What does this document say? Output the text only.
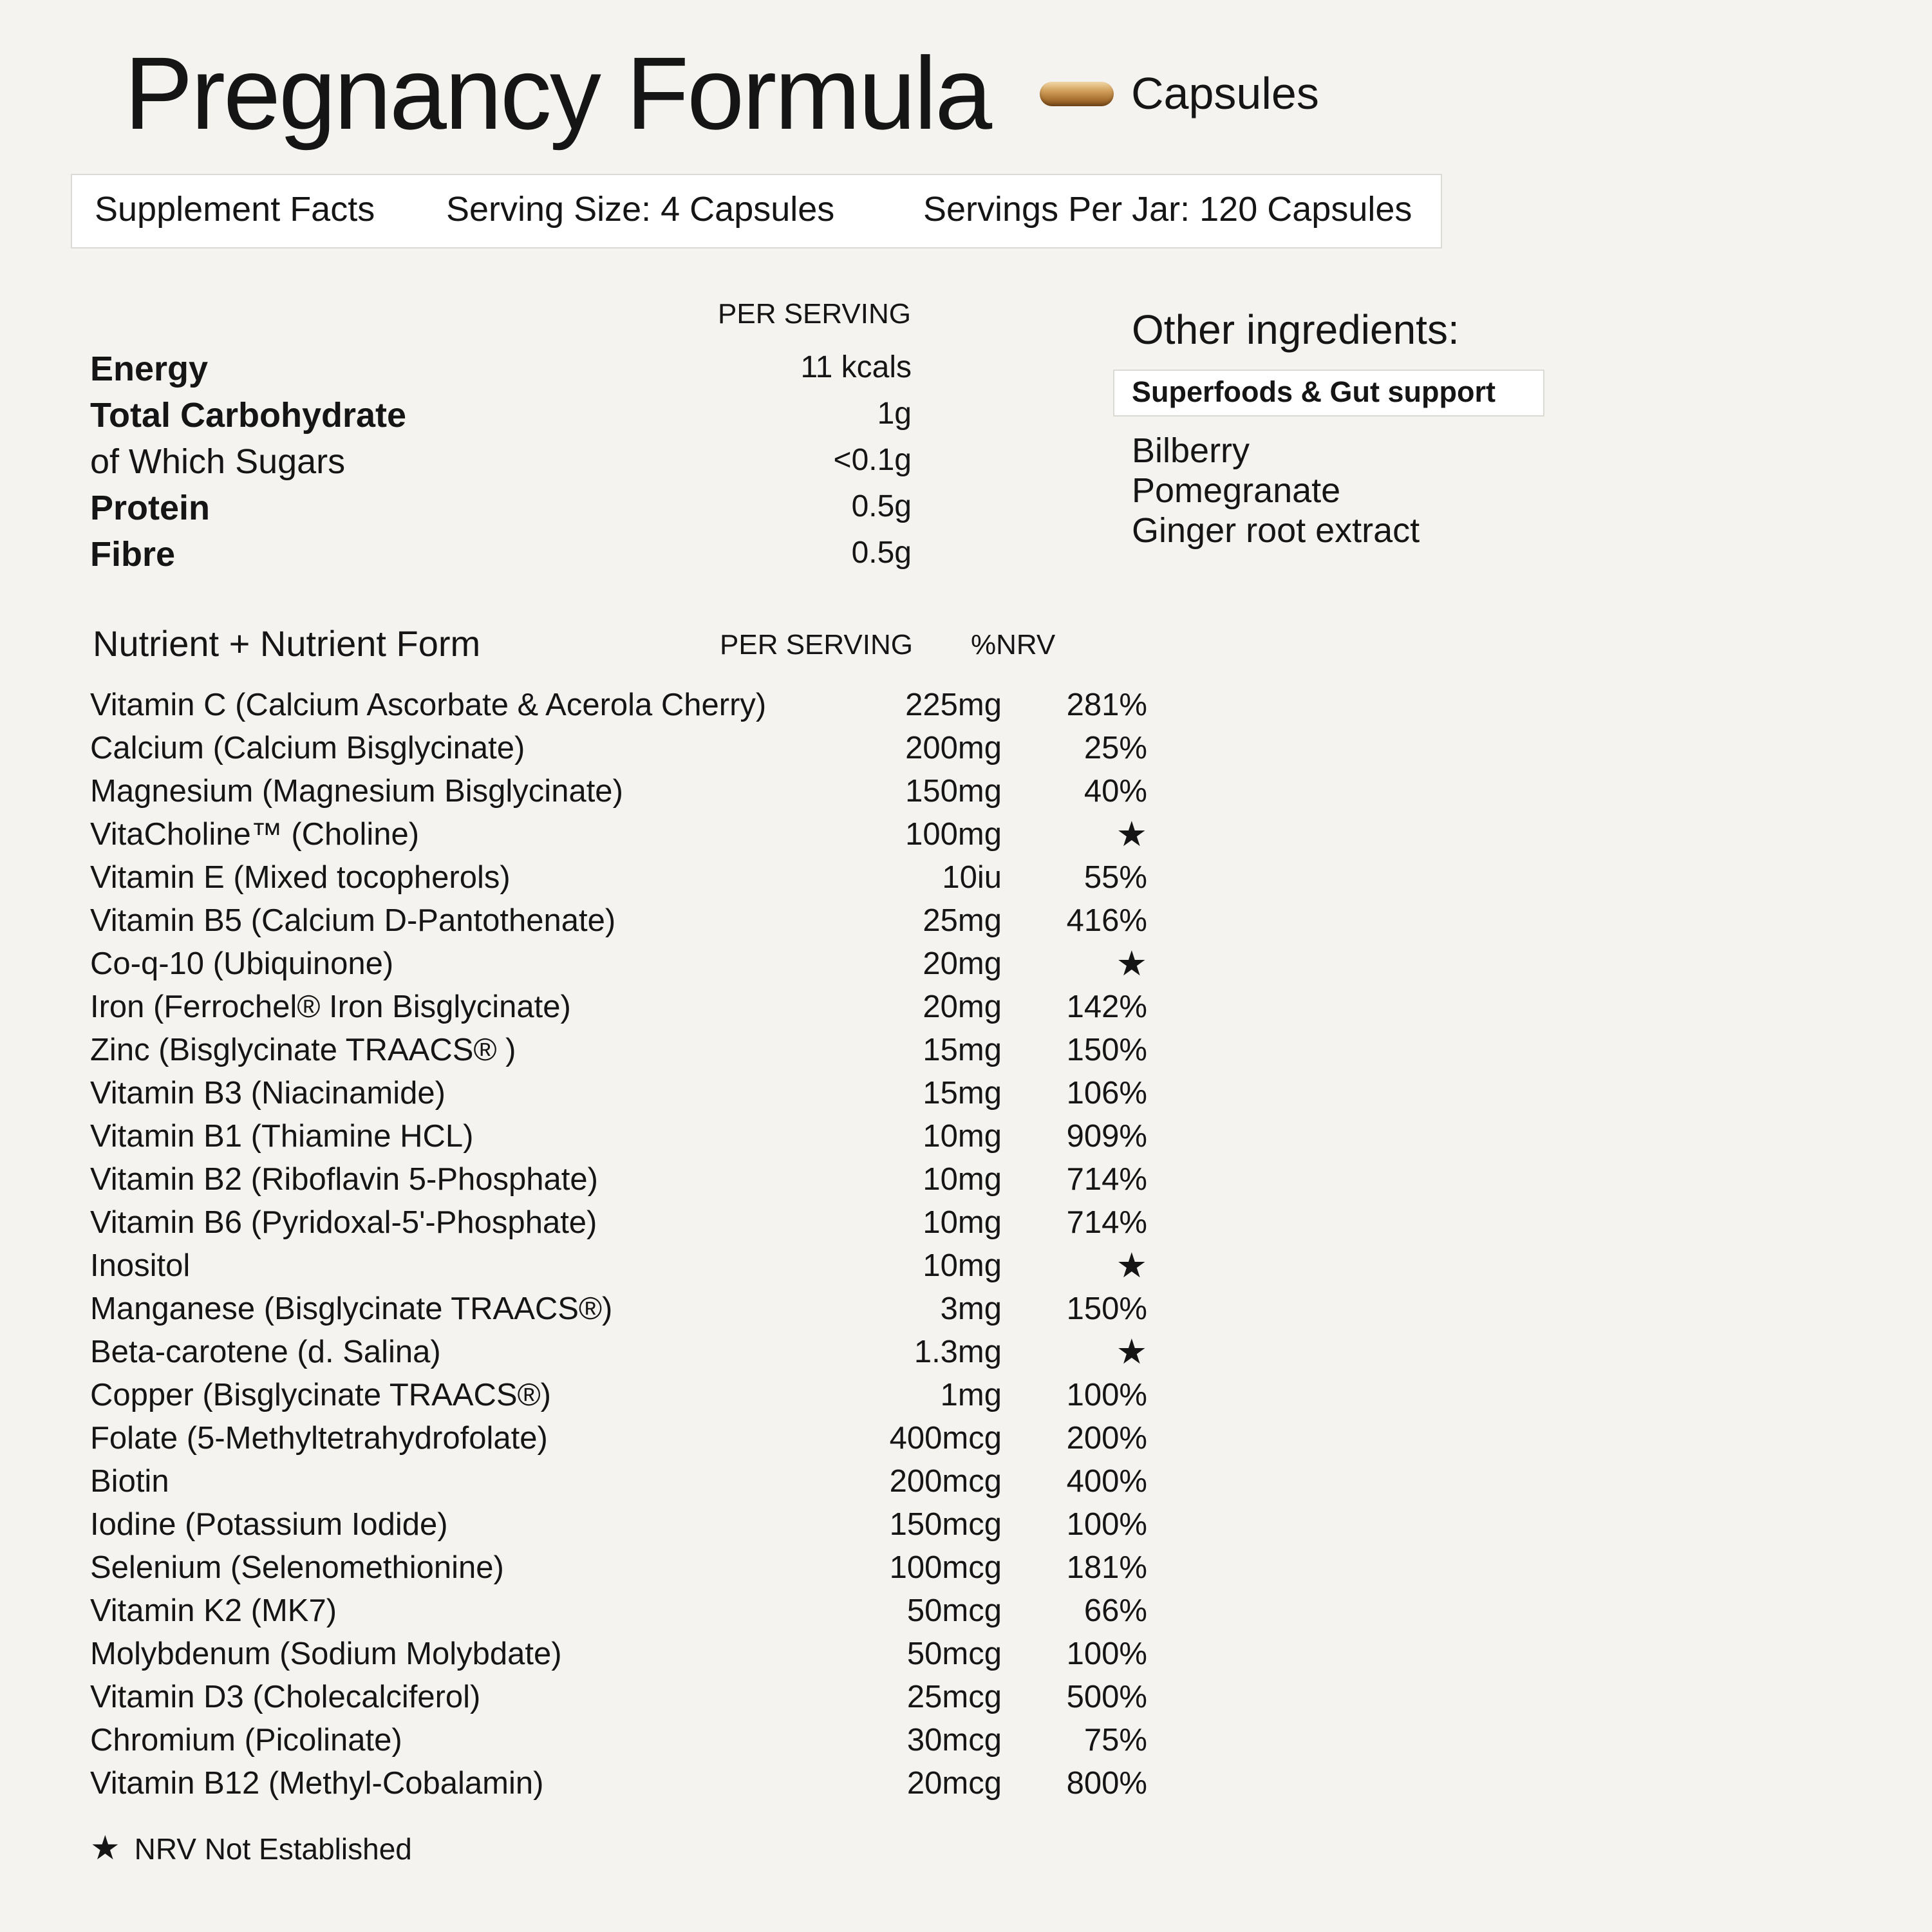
Pregnancy Formula	Capsules
Supplement Facts Serving Size: 4 Capsules	Servings Per Jar: 120 Capsules
PER SERVING
Energy	11 kcals
Total Carbohydrate	1g
of Which Sugars	<0.1g
Protein	0.5g
Fibre	0.5g
Nutrient + Nutrient Form	PER SERVING %NRV
Vitamin C (Calcium Ascorbate & Acerola Cherry)	225mg	281%
Calcium (Calcium Bisglycinate)	200mg	25%
Magnesium (Magnesium Bisglycinate)	150mg	40%
VitaCholine™ (Choline)	100mg	★
Vitamin E (Mixed tocopherols)	10iu	55%
Vitamin B5 (Calcium D-Pantothenate)	25mg	416%
Co-q-10 (Ubiquinone)	20mg	★
Iron (Ferrochel® Iron Bisglycinate)	20mg	142%
Zinc (Bisglycinate TRAACS® )	15mg	150%
Vitamin B3 (Niacinamide)	15mg	106%
Vitamin B1 (Thiamine HCL)	10mg	909%
Vitamin B2 (Riboflavin 5-Phosphate)	10mg	714%
Vitamin B6 (Pyridoxal-5'-Phosphate)	10mg	714%
Inositol	10mg	★
Manganese (Bisglycinate TRAACS®)	3mg	150%
Beta-carotene (d. Salina)	1.3mg	★
Copper (Bisglycinate TRAACS®)	1mg	100%
Folate (5-Methyltetrahydrofolate)	400mcg	200%
Biotin	200mcg	400%
Iodine (Potassium Iodide)	150mcg	100%
Selenium (Selenomethionine)	100mcg	181%
Vitamin K2 (MK7)	50mcg	66%
Molybdenum (Sodium Molybdate)	50mcg	100%
Vitamin D3 (Cholecalciferol)	25mcg	500%
Chromium (Picolinate)	30mcg	75%
Vitamin B12 (Methyl-Cobalamin)	20mcg	800%
★ NRV Not Established
Other ingredients:
Superfoods & Gut support
Bilberry
Pomegranate
Ginger root extract
